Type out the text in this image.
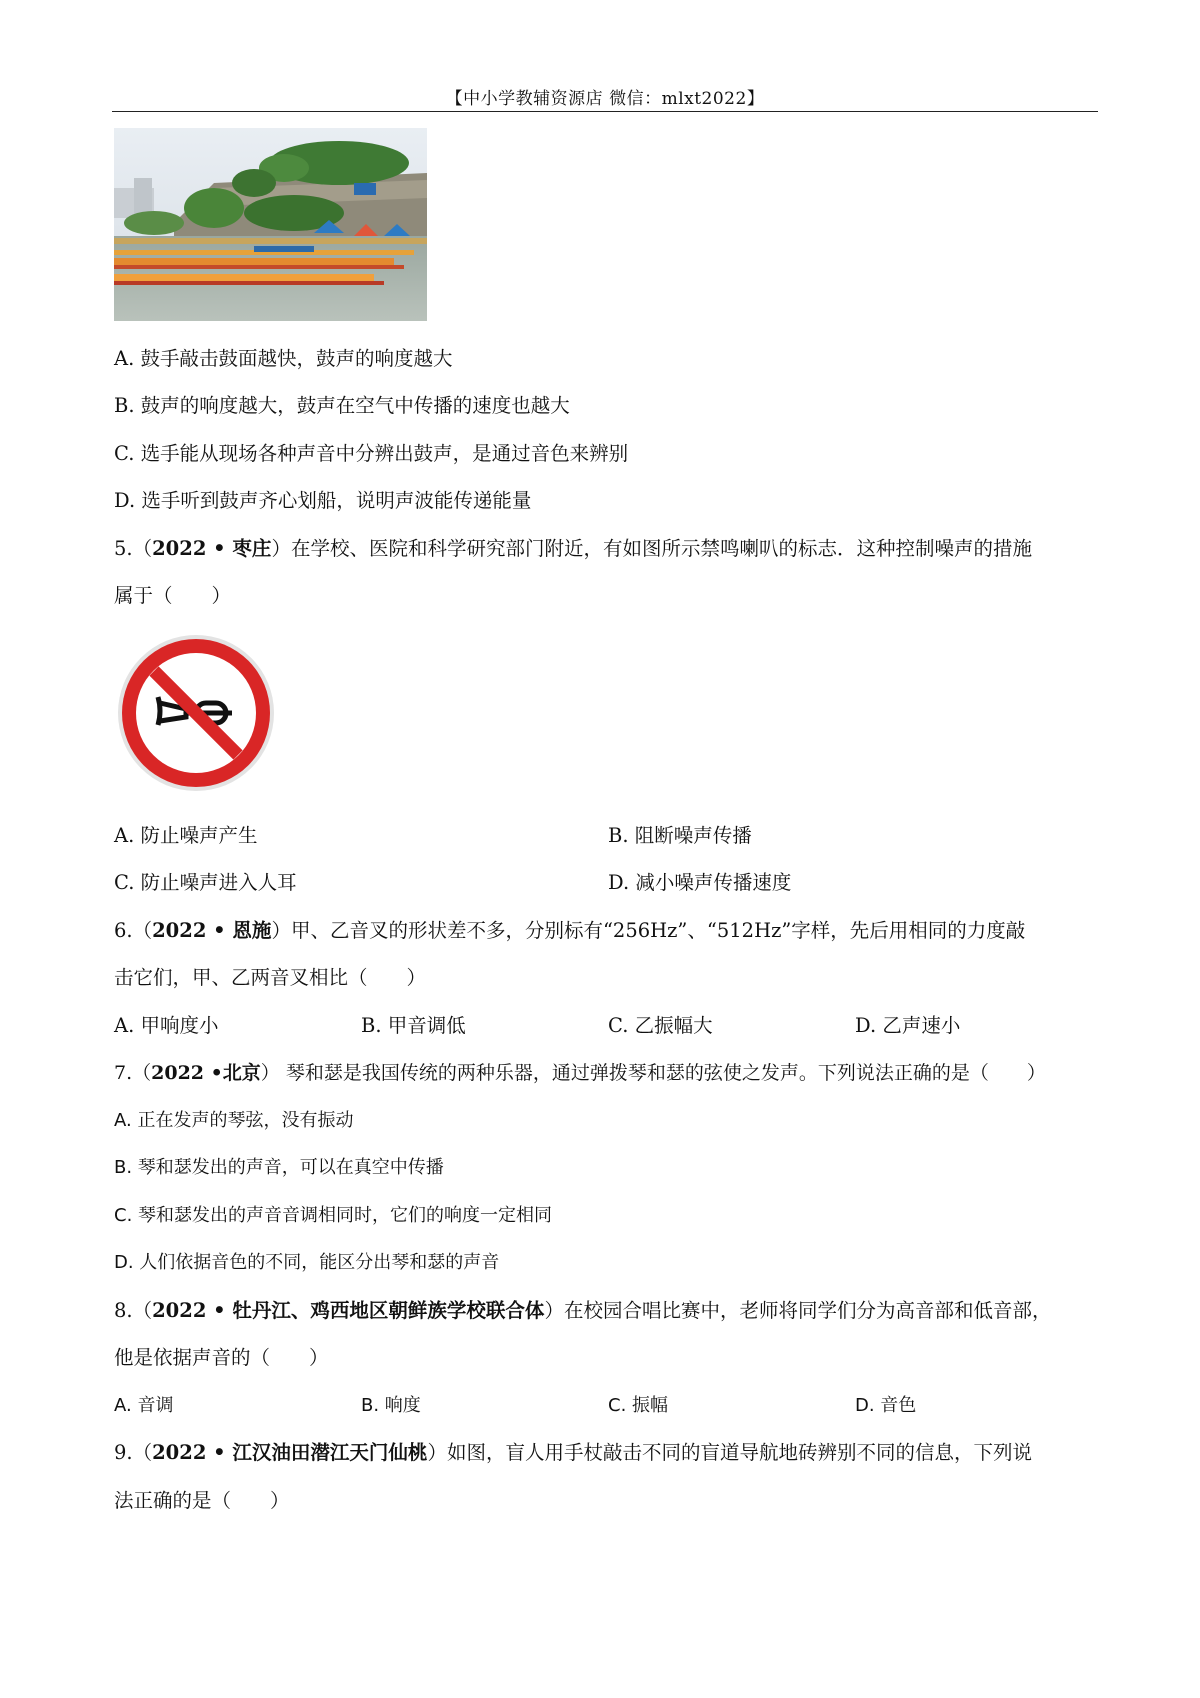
【中小学教辅资源店 微信：mlxt2022】
A. 鼓手敲击鼓面越快，鼓声的响度越大
B. 鼓声的响度越大，鼓声在空气中传播的速度也越大
C. 选手能从现场各种声音中分辨出鼓声，是通过音色来辨别
D. 选手听到鼓声齐心划船，说明声波能传递能量
5.（2022 • 枣庄）在学校、医院和科学研究部门附近，有如图所示禁鸣喇叭的标志．这种控制噪声的措施
属于（　　）
A. 防止噪声产生	B. 阻断噪声传播
C. 防止噪声进入人耳	D. 减小噪声传播速度
6.（2022 • 恩施）甲、乙音叉的形状差不多，分别标有“256Hz”、“512Hz”字样，先后用相同的力度敲
击它们，甲、乙两音叉相比（　　）
A. 甲响度小	B. 甲音调低	C. 乙振幅大	D. 乙声速小
7.（2022 •北京） 琴和瑟是我国传统的两种乐器，通过弹拨琴和瑟的弦使之发声。下列说法正确的是（　　）
A. 正在发声的琴弦，没有振动
B. 琴和瑟发出的声音，可以在真空中传播
C. 琴和瑟发出的声音音调相同时，它们的响度一定相同
D. 人们依据音色的不同，能区分出琴和瑟的声音
8.（2022 • 牡丹江、鸡西地区朝鲜族学校联合体）在校园合唱比赛中，老师将同学们分为高音部和低音部，
他是依据声音的（　　）
A. 音调	B. 响度	C. 振幅	D. 音色
9.（2022 • 江汉油田潜江天门仙桃）如图，盲人用手杖敲击不同的盲道导航地砖辨别不同的信息，下列说
法正确的是（　　）
